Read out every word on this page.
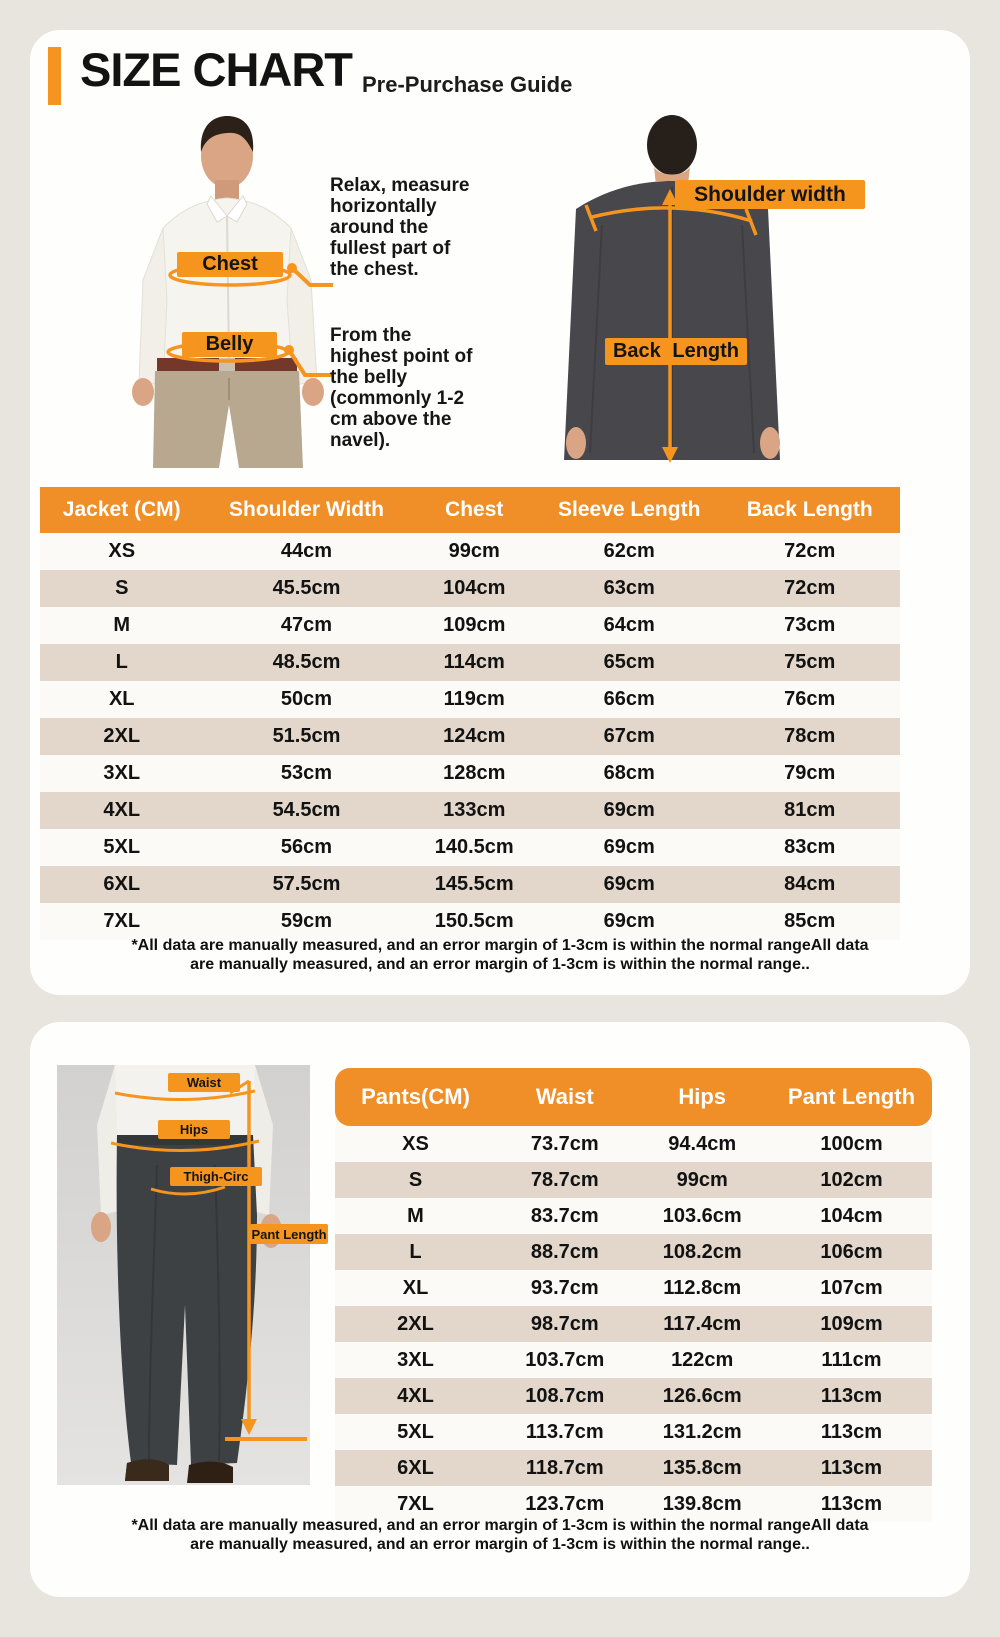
SIZE CHART Pre-Purchase Guide
Chest
Belly
Relax, measure horizontally around the fullest part of the chest.
From the highest point of the belly (commonly 1-2 cm above the navel).
Shoulder width
Back Length
Jacket (CM)	Shoulder Width	Chest	Sleeve Length	Back Length
XS	44cm	99cm	62cm	72cm
S	45.5cm	104cm	63cm	72cm
M	47cm	109cm	64cm	73cm
L	48.5cm	114cm	65cm	75cm
XL	50cm	119cm	66cm	76cm
2XL	51.5cm	124cm	67cm	78cm
3XL	53cm	128cm	68cm	79cm
4XL	54.5cm	133cm	69cm	81cm
5XL	56cm	140.5cm	69cm	83cm
6XL	57.5cm	145.5cm	69cm	84cm
7XL	59cm	150.5cm	69cm	85cm
*All data are manually measured, and an error margin of 1-3cm is within the normal rangeAll data
are manually measured, and an error margin of 1-3cm is within the normal range..
Waist
Hips
Thigh-Circ
Pant Length
Pants(CM)	Waist	Hips	Pant Length
XS	73.7cm	94.4cm	100cm
S	78.7cm	99cm	102cm
M	83.7cm	103.6cm	104cm
L	88.7cm	108.2cm	106cm
XL	93.7cm	112.8cm	107cm
2XL	98.7cm	117.4cm	109cm
3XL	103.7cm	122cm	111cm
4XL	108.7cm	126.6cm	113cm
5XL	113.7cm	131.2cm	113cm
6XL	118.7cm	135.8cm	113cm
7XL	123.7cm	139.8cm	113cm
*All data are manually measured, and an error margin of 1-3cm is within the normal rangeAll data
are manually measured, and an error margin of 1-3cm is within the normal range..
